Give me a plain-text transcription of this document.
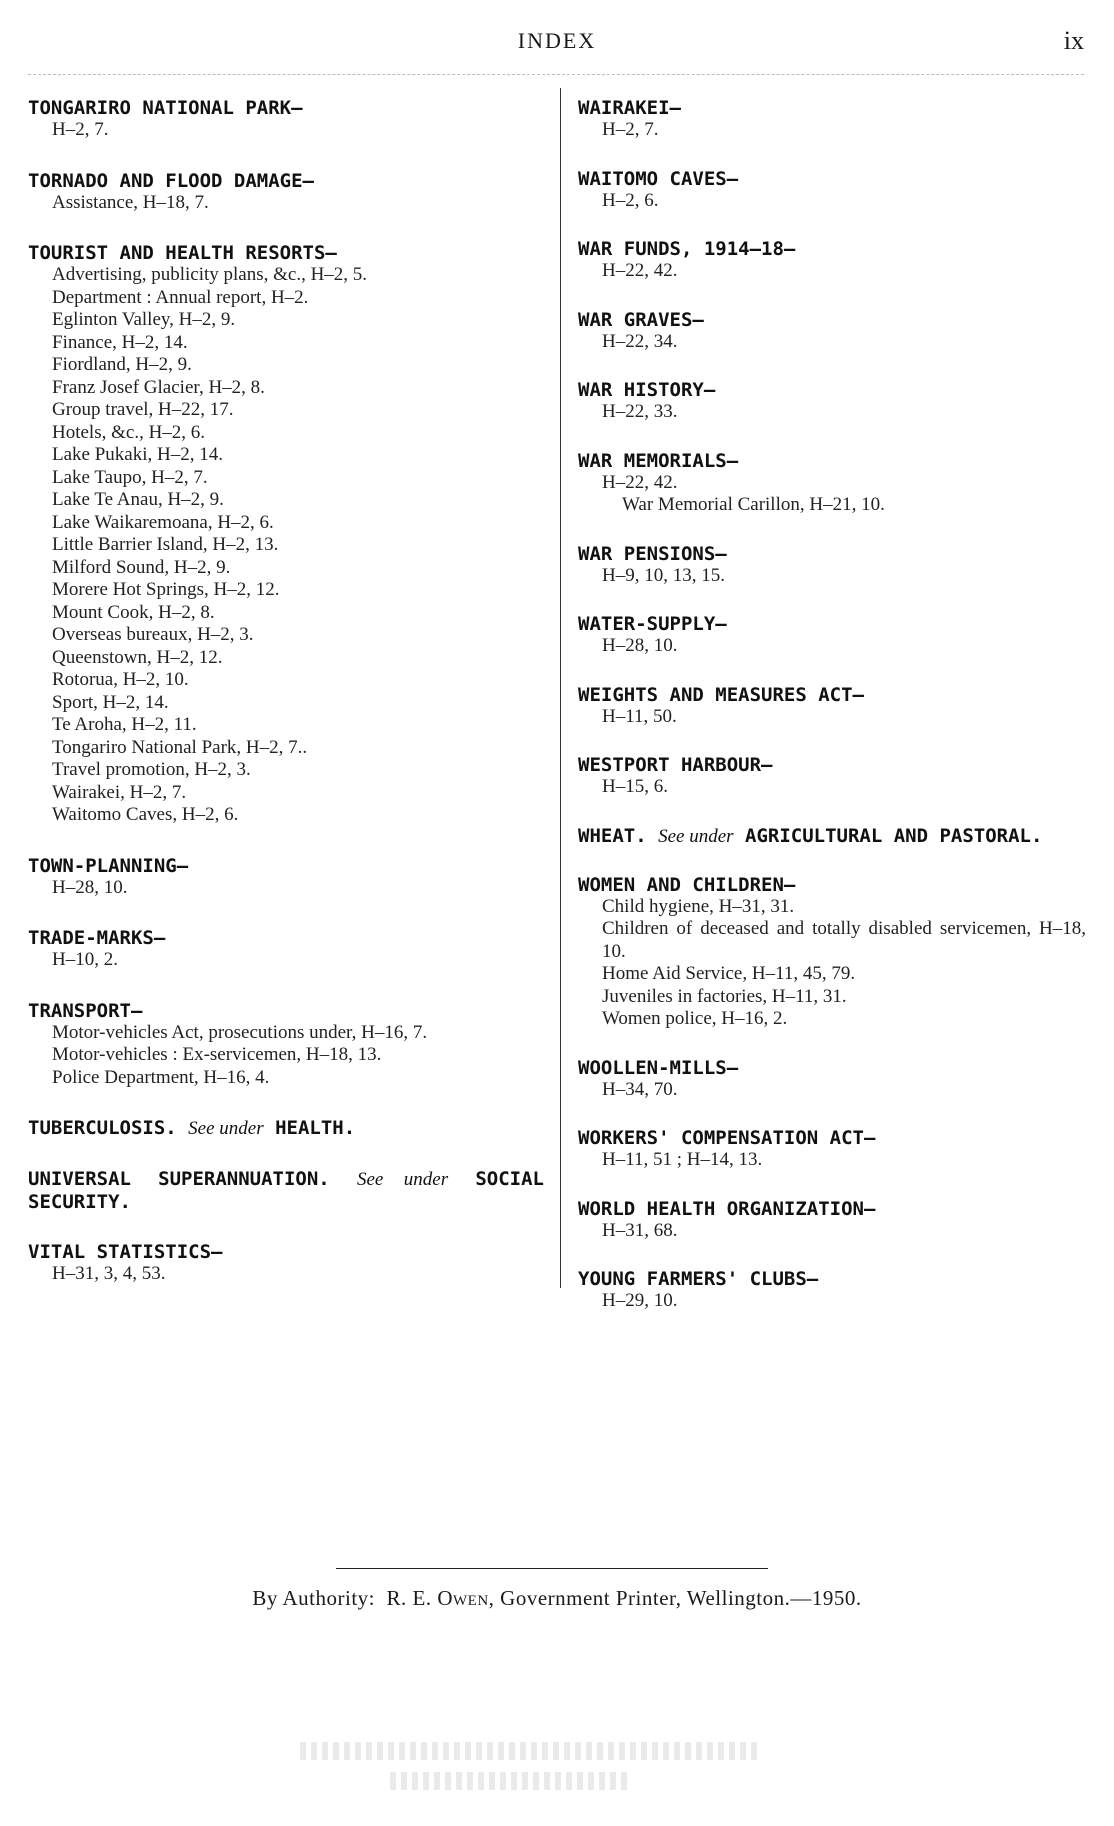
INDEX	ix
TONGARIRO NATIONAL PARK—
H–2, 7.
TORNADO AND FLOOD DAMAGE—
Assistance, H–18, 7.
TOURIST AND HEALTH RESORTS—
Advertising, publicity plans, &c., H–2, 5.
Department : Annual report, H–2.
Eglinton Valley, H–2, 9.
Finance, H–2, 14.
Fiordland, H–2, 9.
Franz Josef Glacier, H–2, 8.
Group travel, H–22, 17.
Hotels, &c., H–2, 6.
Lake Pukaki, H–2, 14.
Lake Taupo, H–2, 7.
Lake Te Anau, H–2, 9.
Lake Waikaremoana, H–2, 6.
Little Barrier Island, H–2, 13.
Milford Sound, H–2, 9.
Morere Hot Springs, H–2, 12.
Mount Cook, H–2, 8.
Overseas bureaux, H–2, 3.
Queenstown, H–2, 12.
Rotorua, H–2, 10.
Sport, H–2, 14.
Te Aroha, H–2, 11.
Tongariro National Park, H–2, 7..
Travel promotion, H–2, 3.
Wairakei, H–2, 7.
Waitomo Caves, H–2, 6.
TOWN-PLANNING—
H–28, 10.
TRADE-MARKS—
H–10, 2.
TRANSPORT—
Motor-vehicles Act, prosecutions under, H–16, 7.
Motor-vehicles : Ex-servicemen, H–18, 13.
Police Department, H–16, 4.
TUBERCULOSIS. See under HEALTH.
UNIVERSAL SUPERANNUATION. See under SOCIAL SECURITY.
VITAL STATISTICS—
H–31, 3, 4, 53.
WAIRAKEI—
H–2, 7.
WAITOMO CAVES—
H–2, 6.
WAR FUNDS, 1914–18—
H–22, 42.
WAR GRAVES—
H–22, 34.
WAR HISTORY—
H–22, 33.
WAR MEMORIALS—
H–22, 42.
War Memorial Carillon, H–21, 10.
WAR PENSIONS—
H–9, 10, 13, 15.
WATER-SUPPLY—
H–28, 10.
WEIGHTS AND MEASURES ACT—
H–11, 50.
WESTPORT HARBOUR—
H–15, 6.
WHEAT. See under AGRICULTURAL AND PASTORAL.
WOMEN AND CHILDREN—
Child hygiene, H–31, 31.
Children of deceased and totally disabled servicemen, H–18, 10.
Home Aid Service, H–11, 45, 79.
Juveniles in factories, H–11, 31.
Women police, H–16, 2.
WOOLLEN-MILLS—
H–34, 70.
WORKERS' COMPENSATION ACT—
H–11, 51 ; H–14, 13.
WORLD HEALTH ORGANIZATION—
H–31, 68.
YOUNG FARMERS' CLUBS—
H–29, 10.
By Authority: R. E. Owen, Government Printer, Wellington.—1950.
